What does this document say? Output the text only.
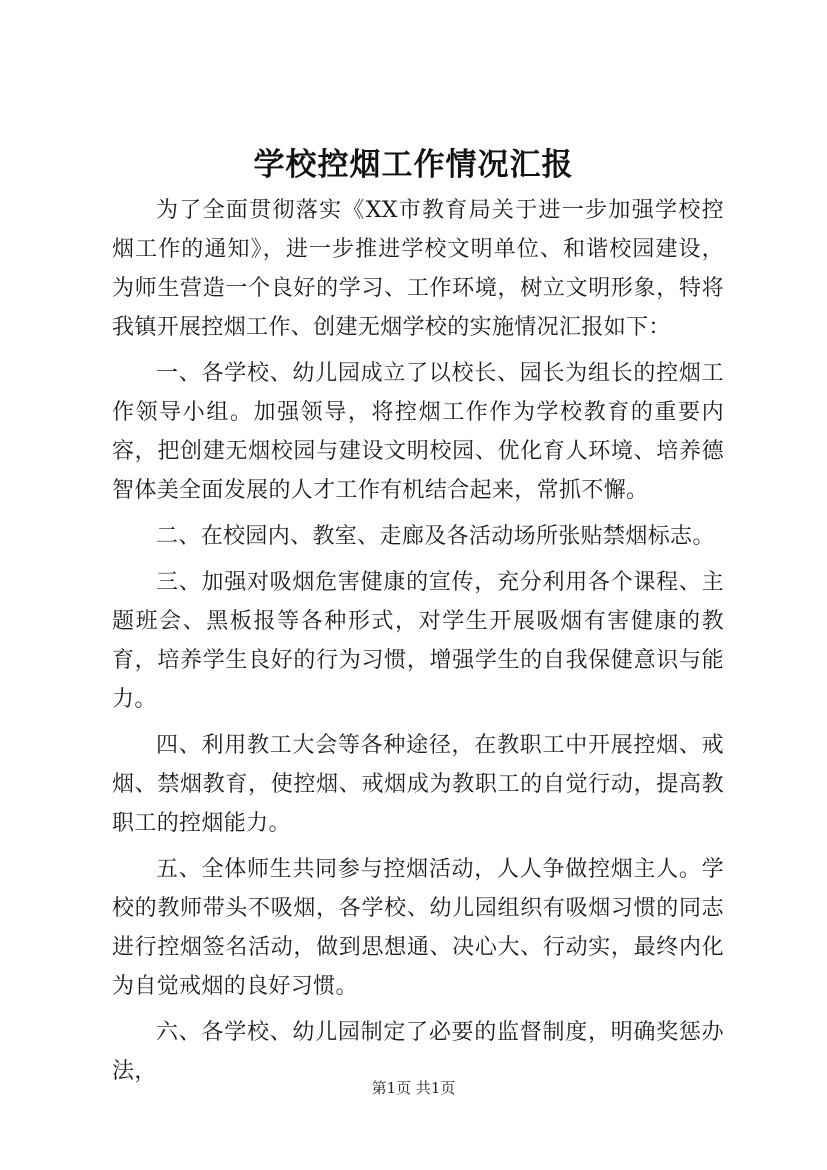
学校控烟工作情况汇报

为了全面贯彻落实《XX市教育局关于进一步加强学校控烟工作的通知》，进一步推进学校文明单位、和谐校园建设，为师生营造一个良好的学习、工作环境，树立文明形象，特将我镇开展控烟工作、创建无烟学校的实施情况汇报如下：

一、各学校、幼儿园成立了以校长、园长为组长的控烟工作领导小组。加强领导，将控烟工作作为学校教育的重要内容，把创建无烟校园与建设文明校园、优化育人环境、培养德智体美全面发展的人才工作有机结合起来，常抓不懈。

二、在校园内、教室、走廊及各活动场所张贴禁烟标志。

三、加强对吸烟危害健康的宣传，充分利用各个课程、主题班会、黑板报等各种形式，对学生开展吸烟有害健康的教育，培养学生良好的行为习惯，增强学生的自我保健意识与能力。

四、利用教工大会等各种途径，在教职工中开展控烟、戒烟、禁烟教育，使控烟、戒烟成为教职工的自觉行动，提高教职工的控烟能力。

五、全体师生共同参与控烟活动，人人争做控烟主人。学校的教师带头不吸烟，各学校、幼儿园组织有吸烟习惯的同志进行控烟签名活动，做到思想通、决心大、行动实，最终内化为自觉戒烟的良好习惯。

六、各学校、幼儿园制定了必要的监督制度，明确奖惩办法，

第1页 共1页
